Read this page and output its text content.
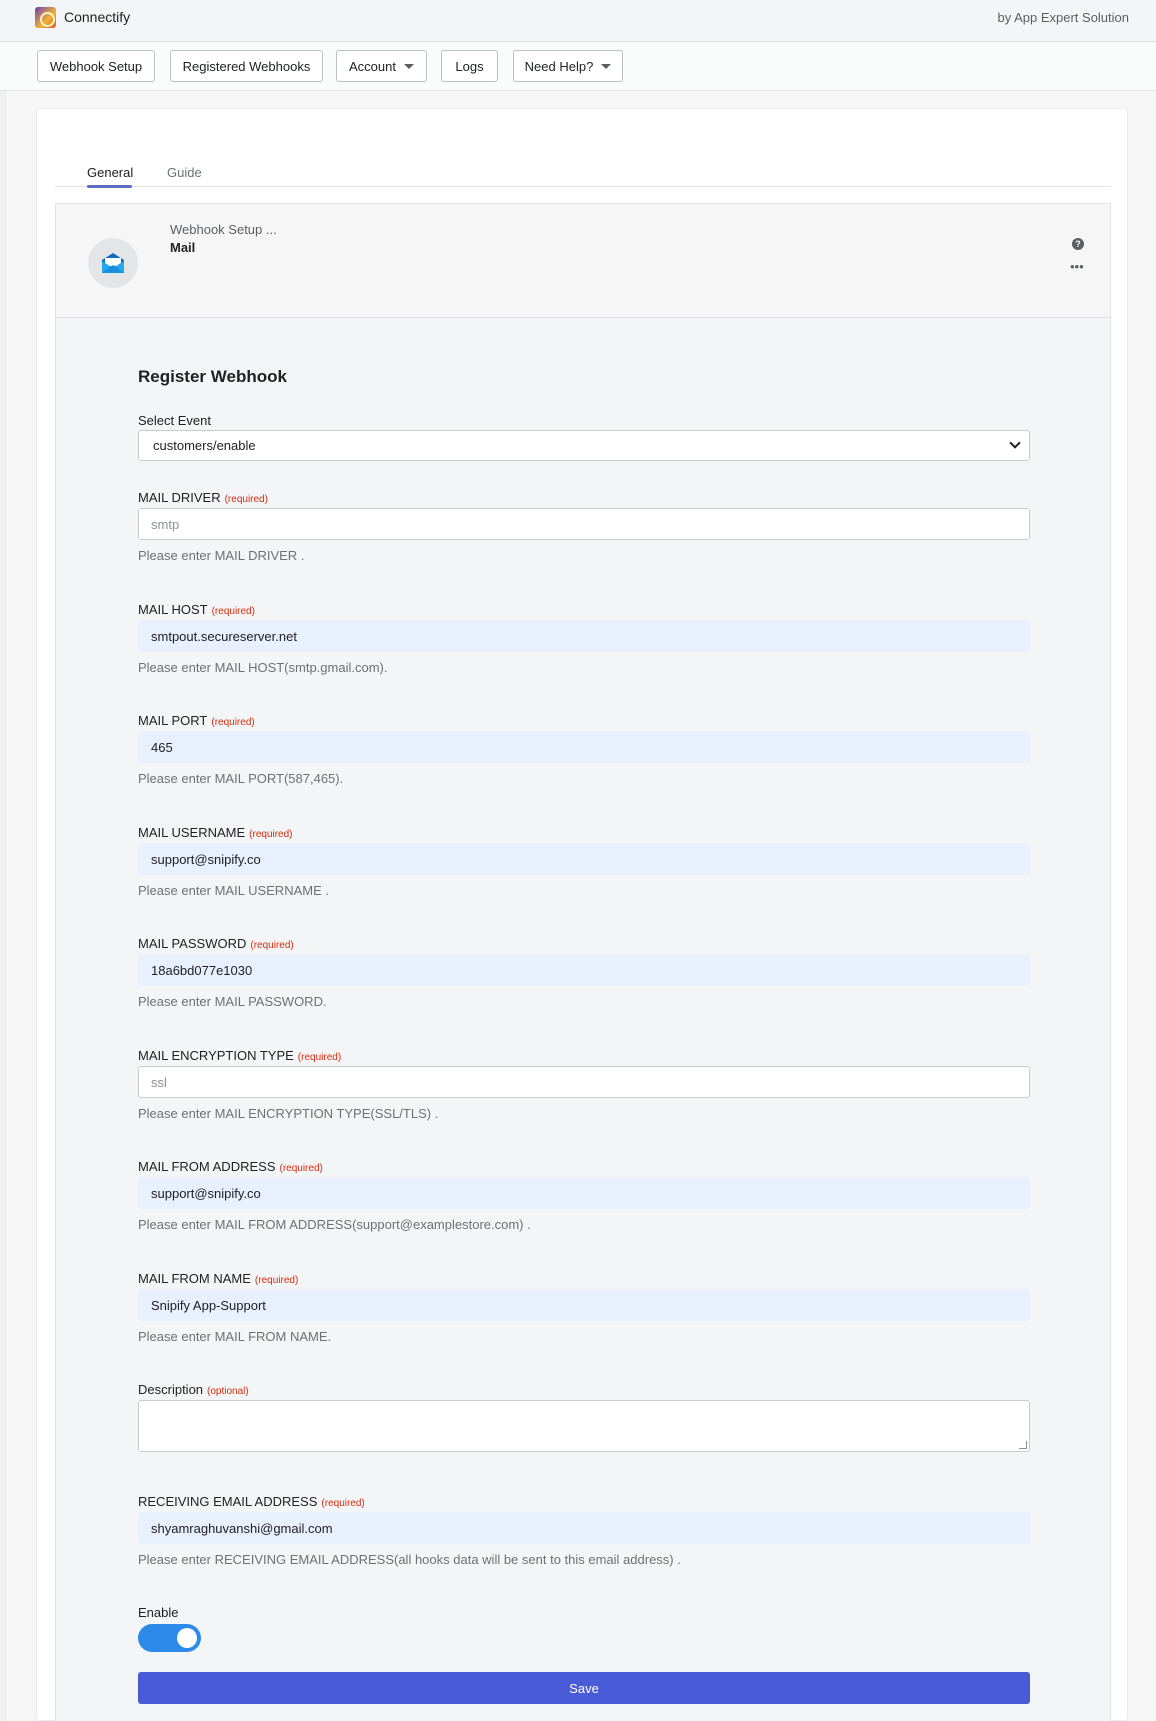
Connectify	by App Expert Solution
Webhook Setup	Registered Webhooks	Account	Logs	Need Help?
General	Guide
Webhook Setup ...
Mail	?
•••
Register Webhook
Select Event
customers/enable
MAIL DRIVER (required)
smtp
Please enter MAIL DRIVER .
MAIL HOST (required)
smtpout.secureserver.net
Please enter MAIL HOST(smtp.gmail.com).
MAIL PORT (required)
465
Please enter MAIL PORT(587,465).
MAIL USERNAME (required)
support@snipify.co
Please enter MAIL USERNAME .
MAIL PASSWORD (required)
18a6bd077e1030
Please enter MAIL PASSWORD.
MAIL ENCRYPTION TYPE (required)
ssl
Please enter MAIL ENCRYPTION TYPE(SSL/TLS) .
MAIL FROM ADDRESS (required)
support@snipify.co
Please enter MAIL FROM ADDRESS(support@examplestore.com) .
MAIL FROM NAME (required)
Snipify App-Support
Please enter MAIL FROM NAME.
Description (optional)
RECEIVING EMAIL ADDRESS (required)
shyamraghuvanshi@gmail.com
Please enter RECEIVING EMAIL ADDRESS(all hooks data will be sent to this email address) .
Enable
Save
